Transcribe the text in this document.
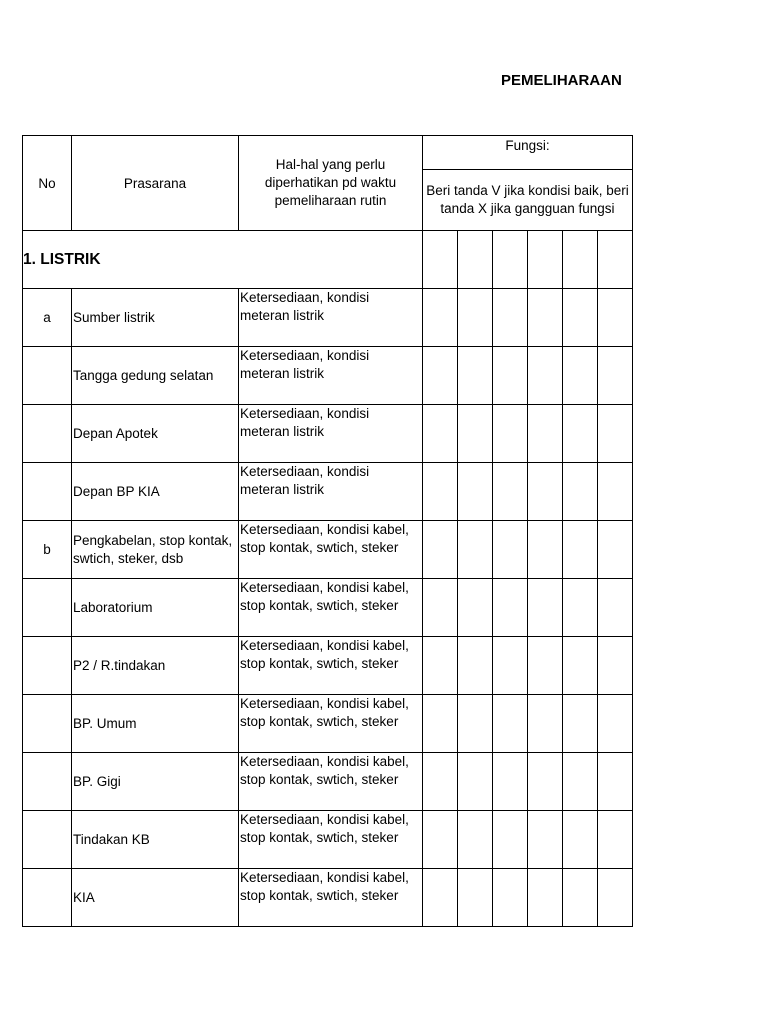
PEMELIHARAAN
No	Prasarana	Hal-hal yang perlu diperhatikan pd waktu pemeliharaan rutin	Fungsi:					
			Beri tanda V jika kondisi baik, beri tanda X jika gangguan fungsi					
1. LISTRIK								
a	Sumber listrik	Ketersediaan, kondisi meteran listrik						
	Tangga gedung selatan	Ketersediaan, kondisi meteran listrik						
	Depan Apotek	Ketersediaan, kondisi meteran listrik						
	Depan BP KIA	Ketersediaan, kondisi meteran listrik						
b	Pengkabelan, stop kontak, swtich, steker, dsb	Ketersediaan, kondisi kabel, stop kontak, swtich, steker						
	Laboratorium	Ketersediaan, kondisi kabel, stop kontak, swtich, steker						
	P2 / R.tindakan	Ketersediaan, kondisi kabel, stop kontak, swtich, steker						
	BP. Umum	Ketersediaan, kondisi kabel, stop kontak, swtich, steker						
	BP. Gigi	Ketersediaan, kondisi kabel, stop kontak, swtich, steker						
	Tindakan KB	Ketersediaan, kondisi kabel, stop kontak, swtich, steker						
	KIA	Ketersediaan, kondisi kabel, stop kontak, swtich, steker						
